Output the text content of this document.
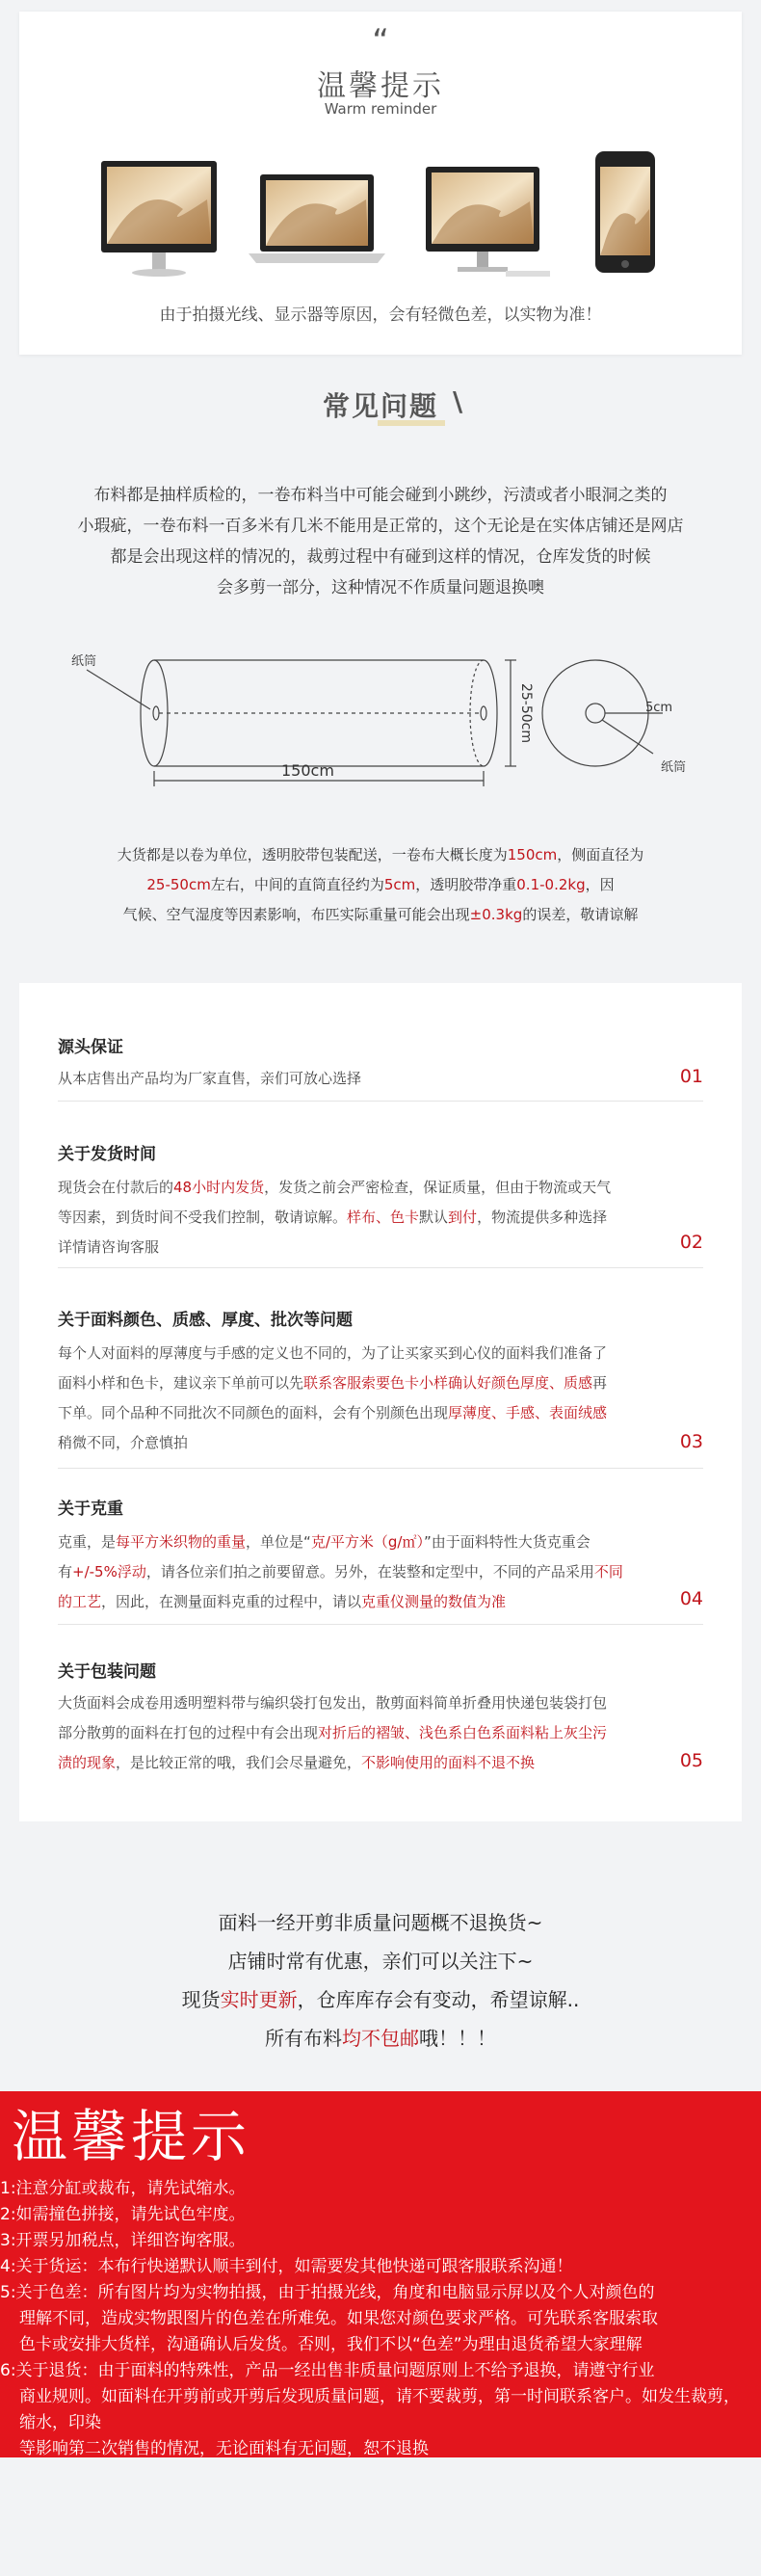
“
温馨提示
Warm reminder
由于拍摄光线、显示器等原因，会有轻微色差，以实物为准！
常见问题 \
布料都是抽样质检的，一卷布料当中可能会碰到小跳纱，污渍或者小眼洞之类的
小瑕疵，一卷布料一百多米有几米不能用是正常的，这个无论是在实体店铺还是网店
都是会出现这样的情况的，裁剪过程中有碰到这样的情况，仓库发货的时候
会多剪一部分，这种情况不作质量问题退换噢
纸筒
150cm
25-50cm	5cm
纸筒
大货都是以卷为单位，透明胶带包装配送，一卷布大概长度为150cm，侧面直径为
25-50cm左右，中间的直筒直径约为5cm，透明胶带净重0.1-0.2kg，因
气候、空气湿度等因素影响，布匹实际重量可能会出现±0.3kg的误差，敬请谅解
源头保证
从本店售出产品均为厂家直售，亲们可放心选择	01
关于发货时间
现货会在付款后的48小时内发货，发货之前会严密检查，保证质量，但由于物流或天气
等因素，到货时间不受我们控制，敬请谅解。样布、色卡默认到付，物流提供多种选择
详情请咨询客服	02
关于面料颜色、质感、厚度、批次等问题
每个人对面料的厚薄度与手感的定义也不同的，为了让买家买到心仪的面料我们准备了
面料小样和色卡，建议亲下单前可以先联系客服索要色卡小样确认好颜色厚度、质感再
下单。同个品种不同批次不同颜色的面料，会有个别颜色出现厚薄度、手感、表面绒感
稍微不同，介意慎拍	03
关于克重
克重，是每平方米织物的重量，单位是“克/平方米（g/㎡）”由于面料特性大货克重会
有+/-5%浮动，请各位亲们拍之前要留意。另外，在装整和定型中，不同的产品采用不同
的工艺，因此，在测量面料克重的过程中，请以克重仪测量的数值为准	04
关于包装问题
大货面料会成卷用透明塑料带与编织袋打包发出，散剪面料简单折叠用快递包装袋打包
部分散剪的面料在打包的过程中有会出现对折后的褶皱、浅色系白色系面料粘上灰尘污
渍的现象，是比较正常的哦，我们会尽量避免，不影响使用的面料不退不换	05
面料一经开剪非质量问题概不退换货~
店铺时常有优惠，亲们可以关注下~
现货实时更新，仓库库存会有变动，希望谅解..
所有布料均不包邮哦！！！
温馨提示
1:注意分缸或裁布，请先试缩水。
2:如需撞色拼接，请先试色牢度。
3:开票另加税点，详细咨询客服。
4:关于货运：本布行快递默认顺丰到付，如需要发其他快递可跟客服联系沟通！
5:关于色差：所有图片均为实物拍摄，由于拍摄光线，角度和电脑显示屏以及个人对颜色的
理解不同，造成实物跟图片的色差在所难免。如果您对颜色要求严格。可先联系客服索取
色卡或安排大货样，沟通确认后发货。否则，我们不以“色差”为理由退货希望大家理解
6:关于退货：由于面料的特殊性，产品一经出售非质量问题原则上不给予退换，请遵守行业
商业规则。如面料在开剪前或开剪后发现质量问题，请不要裁剪，第一时间联系客户。如发生裁剪，缩水，印染
等影响第二次销售的情况，无论面料有无问题，恕不退换
